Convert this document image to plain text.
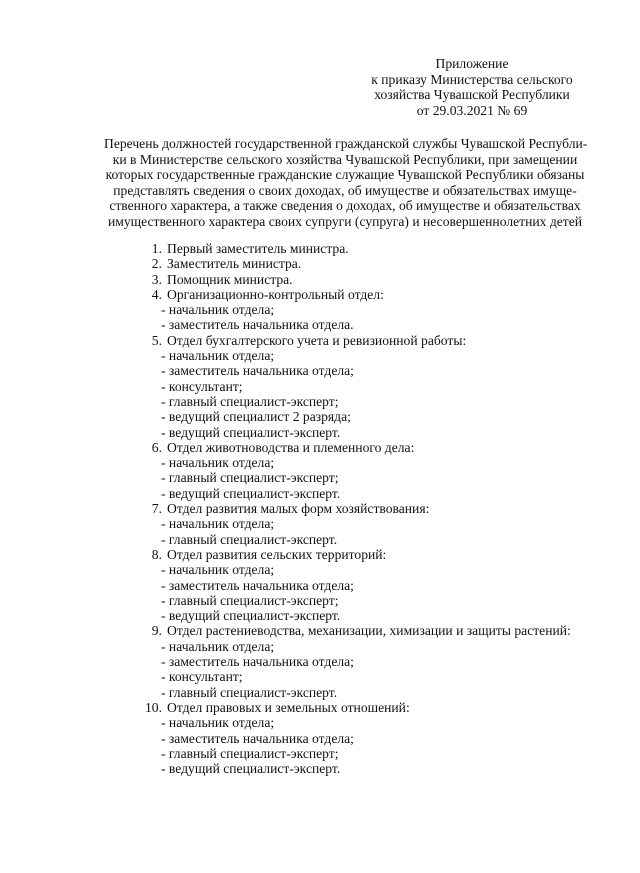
Приложение
к приказу Министерства сельского
хозяйства Чувашской Республики
от 29.03.2021 № 69
Перечень должностей государственной гражданской службы Чувашской Республи-
ки в Министерстве сельского хозяйства Чувашской Республики, при замещении
которых государственные гражданские служащие Чувашской Республики обязаны
представлять сведения о своих доходах, об имуществе и обязательствах имуще-
ственного характера, а также сведения о доходах, об имуществе и обязательствах
имущественного характера своих супруги (супруга) и несовершеннолетних детей
1. Первый заместитель министра.
2. Заместитель министра.
3. Помощник министра.
4. Организационно-контрольный отдел:
- начальник отдела;
- заместитель начальника отдела.
5. Отдел бухгалтерского учета и ревизионной работы:
- начальник отдела;
- заместитель начальника отдела;
- консультант;
- главный специалист-эксперт;
- ведущий специалист 2 разряда;
- ведущий специалист-эксперт.
6. Отдел животноводства и племенного дела:
- начальник отдела;
- главный специалист-эксперт;
- ведущий специалист-эксперт.
7. Отдел развития малых форм хозяйствования:
- начальник отдела;
- главный специалист-эксперт.
8. Отдел развития сельских территорий:
- начальник отдела;
- заместитель начальника отдела;
- главный специалист-эксперт;
- ведущий специалист-эксперт.
9. Отдел растениеводства, механизации, химизации и защиты растений:
- начальник отдела;
- заместитель начальника отдела;
- консультант;
- главный специалист-эксперт.
10. Отдел правовых и земельных отношений:
- начальник отдела;
- заместитель начальника отдела;
- главный специалист-эксперт;
- ведущий специалист-эксперт.
